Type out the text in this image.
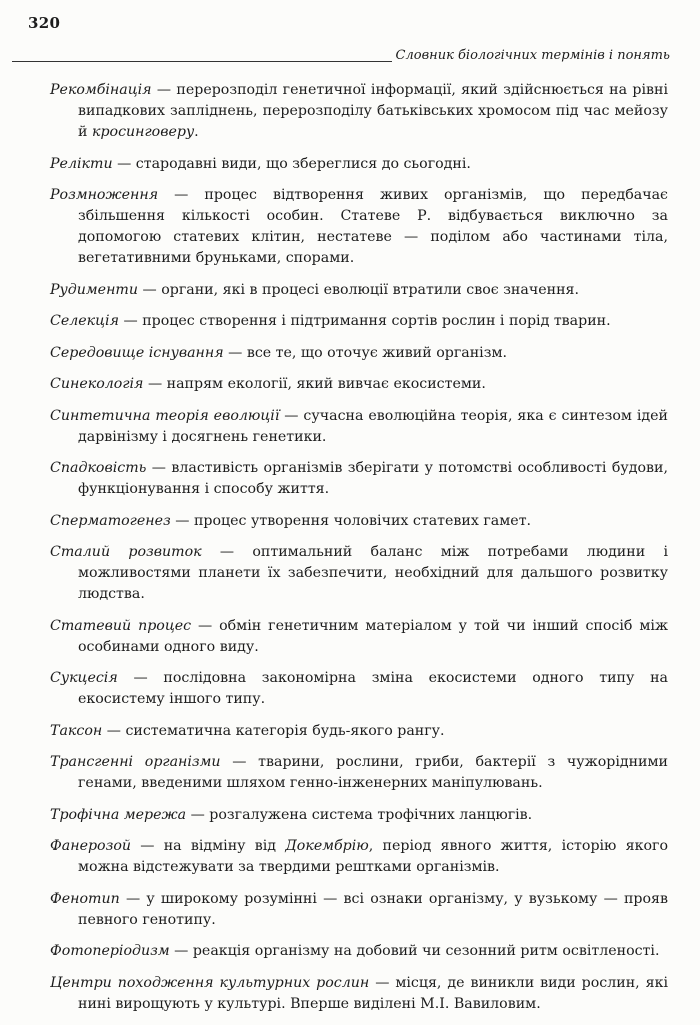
320
Словник біологічних термінів і понять

Рекомбінація — перерозподіл генетичної інформації, який здійснюється на рівні випадкових запліднень, перерозподілу батьківських хромосом під час мейозу й кросинговеру.

Релікти — стародавні види, що збереглися до сьогодні.

Розмноження — процес відтворення живих організмів, що передбачає збільшення кількості особин. Статеве Р. відбувається виключно за допомогою статевих клітин, нестатеве — поділом або частинами тіла, вегетативними бруньками, спорами.

Рудименти — органи, які в процесі еволюції втратили своє значення.

Селекція — процес створення і підтримання сортів рослин і порід тварин.

Середовище існування — все те, що оточує живий організм.

Синекологія — напрям екології, який вивчає екосистеми.

Синтетична теорія еволюції — сучасна еволюційна теорія, яка є синтезом ідей дарвінізму і досягнень генетики.

Спадковість — властивість організмів зберігати у потомстві особливості будови, функціонування і способу життя.

Сперматогенез — процес утворення чоловічих статевих гамет.

Сталий розвиток — оптимальний баланс між потребами людини і можливостями планети їх забезпечити, необхідний для дальшого розвитку людства.

Статевий процес — обмін генетичним матеріалом у той чи інший спосіб між особинами одного виду.

Сукцесія — послідовна закономірна зміна екосистеми одного типу на екосистему іншого типу.

Таксон — систематична категорія будь-якого рангу.

Трансгенні організми — тварини, рослини, гриби, бактерії з чужорідними генами, введеними шляхом генно-інженерних маніпулювань.

Трофічна мережа — розгалужена система трофічних ланцюгів.

Фанерозой — на відміну від Докембрію, період явного життя, історію якого можна відстежувати за твердими рештками організмів.

Фенотип — у широкому розумінні — всі ознаки організму, у вузькому — прояв певного генотипу.

Фотоперіодизм — реакція організму на добовий чи сезонний ритм освітленості.

Центри походження культурних рослин — місця, де виникли види рослин, які нині вирощують у культурі. Вперше виділені М.І. Вавиловим.
